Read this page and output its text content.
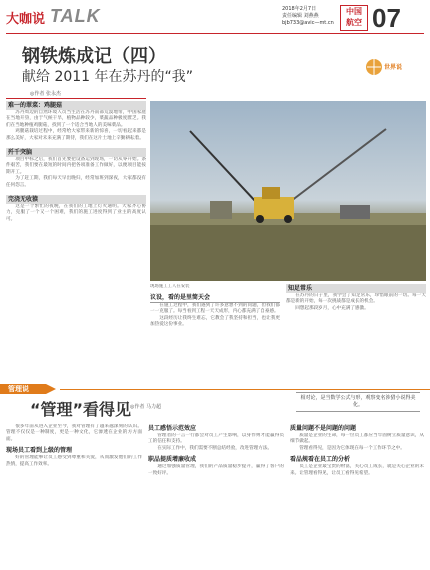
大咖说 TALK	2018年2月7日
责任编辑 刘燕燕
bjb733@avic—mt.cn
中国
航空 07
钢铁炼成记（四）
献给 2011 年在苏丹的“我”
世界说
◎作者 张永杰
难一的翠菜：鸡腿菇

苏丹周边的自然环境人员当生活在苏丹南部荒漠地带，中国家庭在当地开垦，由于气候干旱，植物品种较少，菜蔬品种极度匮乏。我们在当地种植鸡腿菇，找到了一个适合当地人的美味菜品。

鸡腿菇栽培过程中，经常给大家带来新的惊喜，一切看起来都是那么美好，大家对未来充满了期待，我们在这片土地上辛勤耕耘着。

歼千突脑

项目中标之后，我们首先要把设备运到现场，一切从零开始。条件艰苦，我们要在最短的时间内把各项准备工作做好，以便项目能按期开工。

为了赶工期，我们每天早出晚归，经常加班到深夜，大家都没有任何怨言。

完浇无收猿

这是一个繁忙的夜晚，在我们的工地上灯火通明。大家齐心协力，克服了一个又一个困难，我们的施工进度得到了业主的高度认可。

现场施工工人在安装
议设，看的是里简天会

在施工过程中，我们遇到了许多意想不到的问题，但我们都一一克服了。每当看到工程一天天成形，内心都充满了自豪感。

这段经历让我终生难忘，它教会了我坚持和担当，也让我更加热爱这份事业。

知足常乐

在苏丹的日子里，我学会了知足常乐，珍惜眼前的一切。每一天都是新的开始，每一次挑战都是成长的机会。

回想起那段岁月，心中充满了感激。

管理说
“管理”看得见
◎作者 马力超
相对论，是当数学公式与形，观察变名涉猎小说得美化。

很多年前从进入企业至今，我对管理有了越来越深刻的认识。管理不仅仅是一种制度，更是一种文化，它渗透在企业的方方面面。

现场员工看到上级的管理

好的管理能够让员工感受到尊重和关爱，从而激发他们的工作热情，提高工作效率。

员工感悟示范效应

管理者的一言一行都会对员工产生影响，以身作则才能赢得员工的信任和支持。

在实际工作中，我们需要不断总结经验，改进管理方法。

职品提质增廉收成

通过加强质量管理，我们的产品质量稳步提升，赢得了客户的一致好评。

质量问题不是问题的问题

质量是企业的生命，每一位员工都应当牢固树立质量意识，从细节做起。

管理看得见，是因为它体现在每一个工作环节之中。

看品规看在员工的分析

员工是企业最宝贵的财富，关心员工成长，就是关心企业的未来。让管理看得见，让员工看得见希望。
